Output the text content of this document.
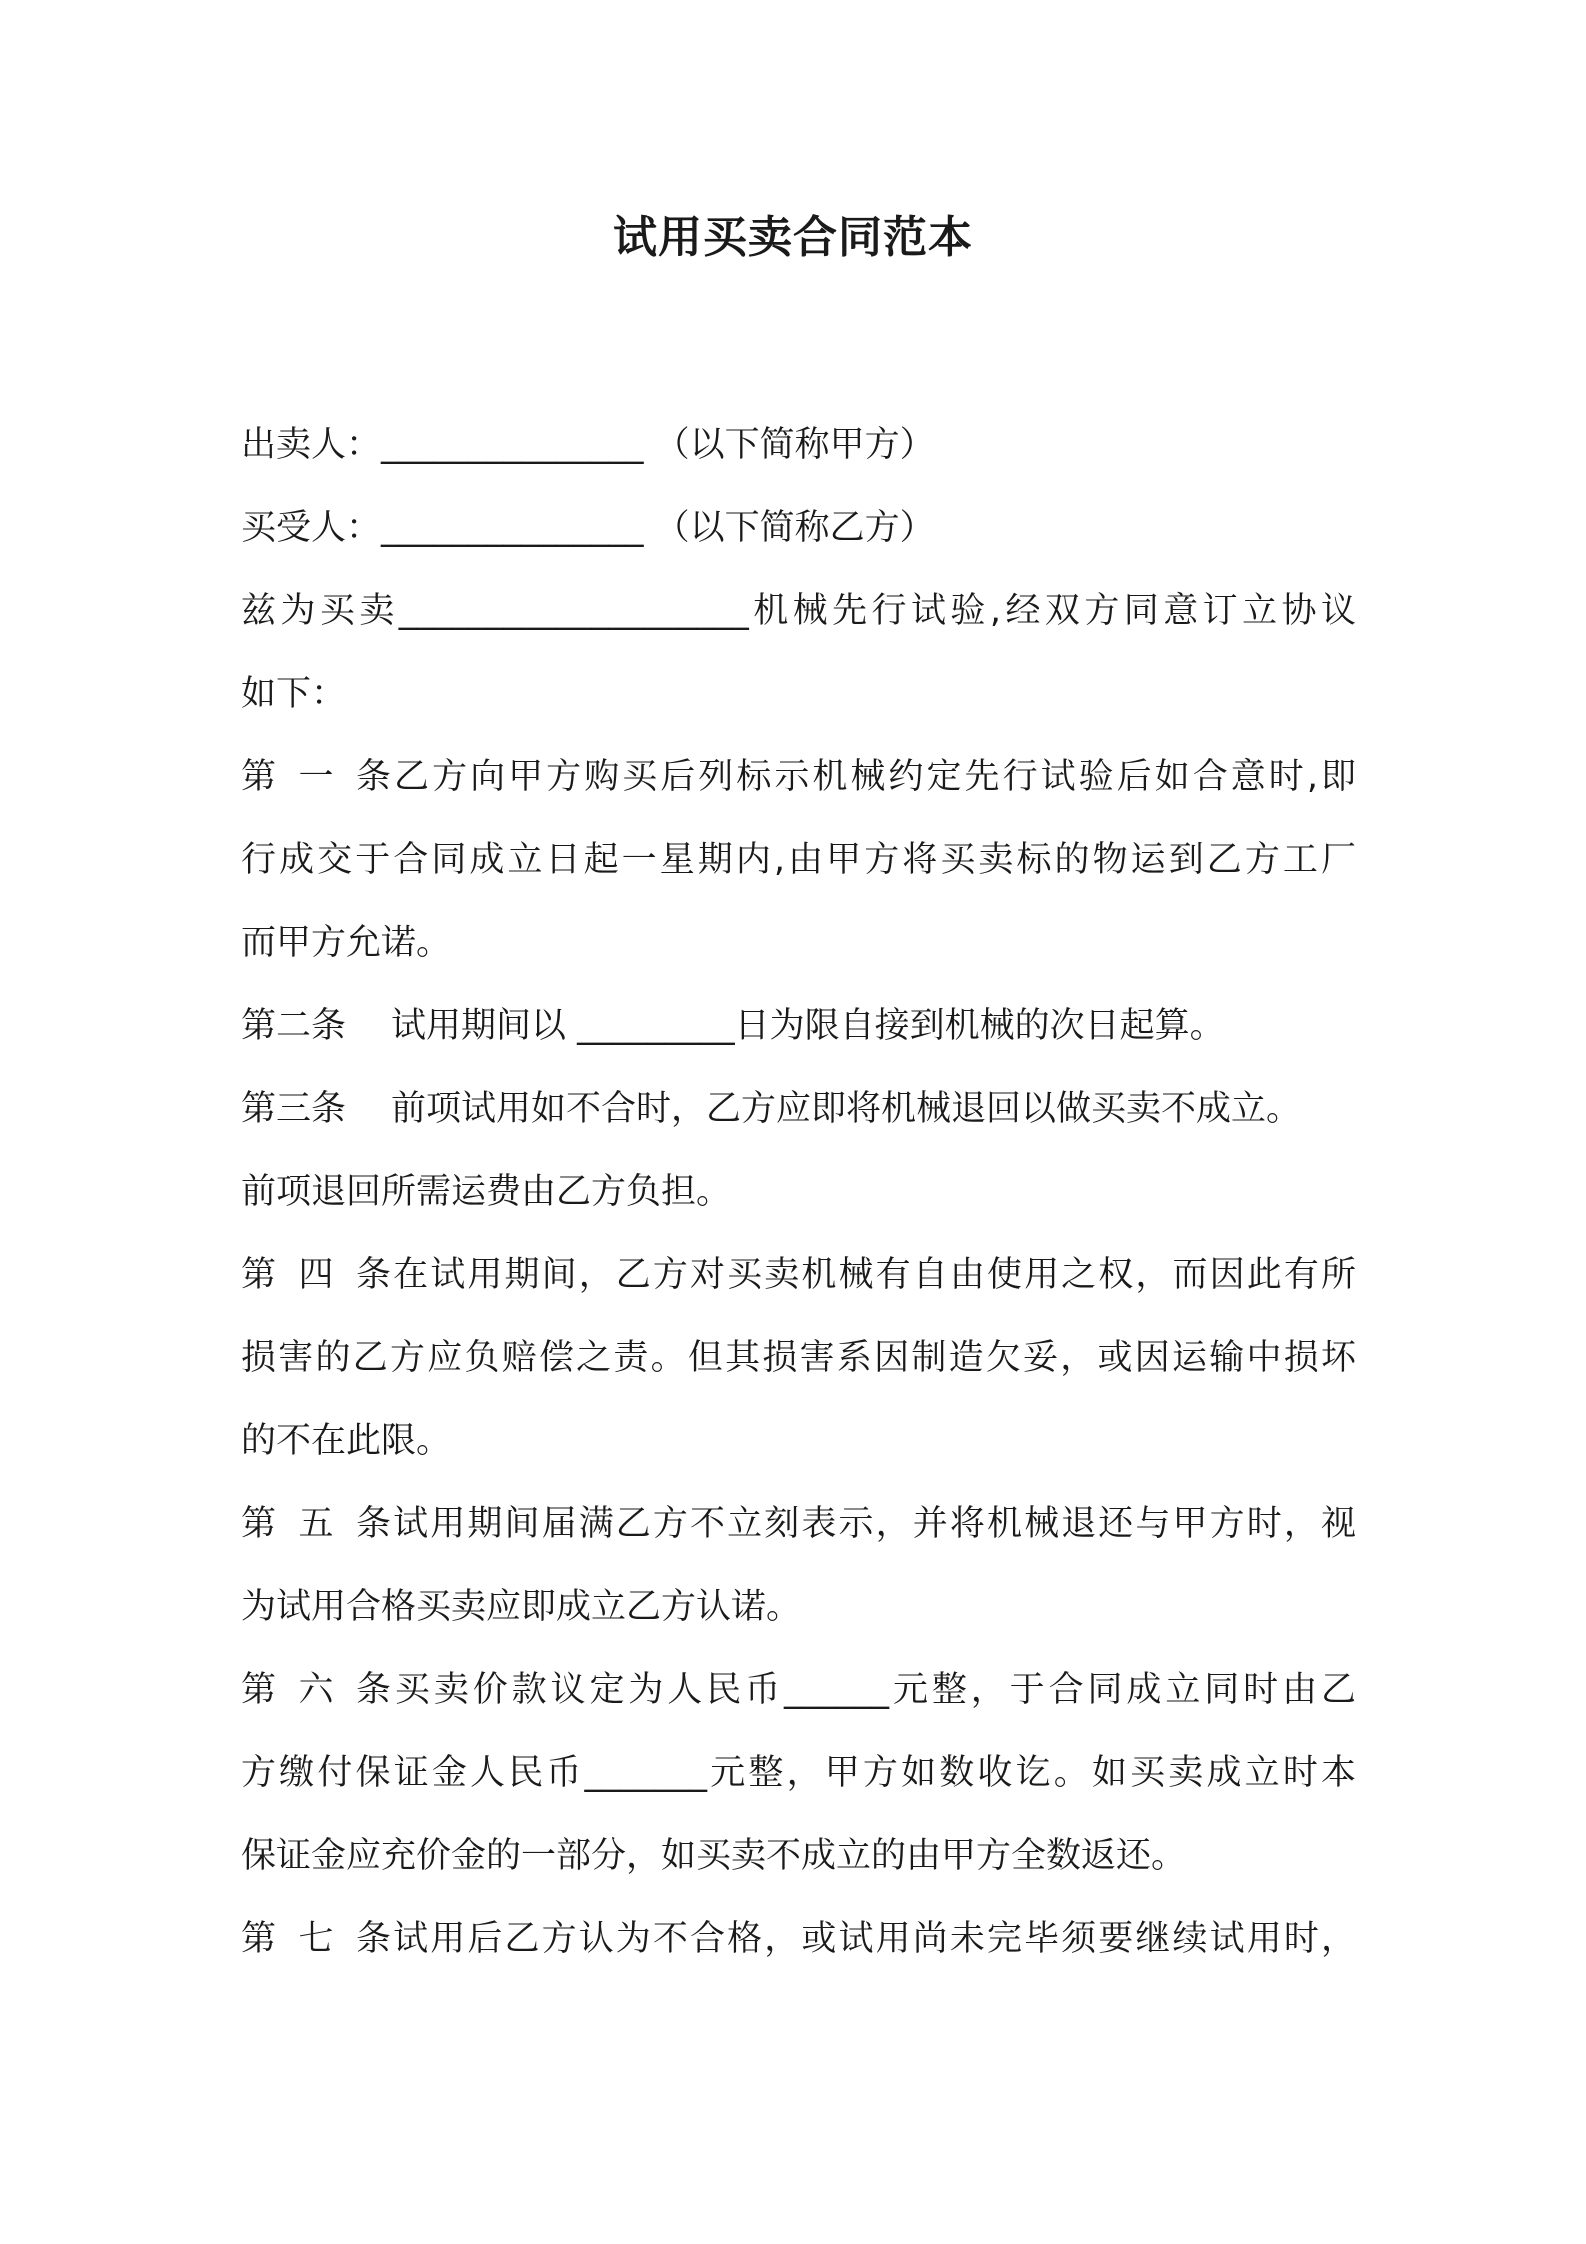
试用买卖合同范本
出卖人：_______________ （以下简称甲方）
买受人：_______________ （以下简称乙方）
兹为买卖____________________机械先行试验,经双方同意订立协议
如下：
第一条乙方向甲方购买后列标示机械约定先行试验后如合意时,即
行成交于合同成立日起一星期内,由甲方将买卖标的物运到乙方工厂
而甲方允诺。
第二条 试用期间以 _________日为限自接到机械的次日起算。
第三条 前项试用如不合时，乙方应即将机械退回以做买卖不成立。
前项退回所需运费由乙方负担。
第四条在试用期间，乙方对买卖机械有自由使用之权，而因此有所
损害的乙方应负赔偿之责。但其损害系因制造欠妥，或因运输中损坏
的不在此限。
第五条试用期间届满乙方不立刻表示，并将机械退还与甲方时，视
为试用合格买卖应即成立乙方认诺。
第六条买卖价款议定为人民币______元整，于合同成立同时由乙
方缴付保证金人民币_______元整，甲方如数收讫。如买卖成立时本
保证金应充价金的一部分，如买卖不成立的由甲方全数返还。
第七条试用后乙方认为不合格，或试用尚未完毕须要继续试用时，
